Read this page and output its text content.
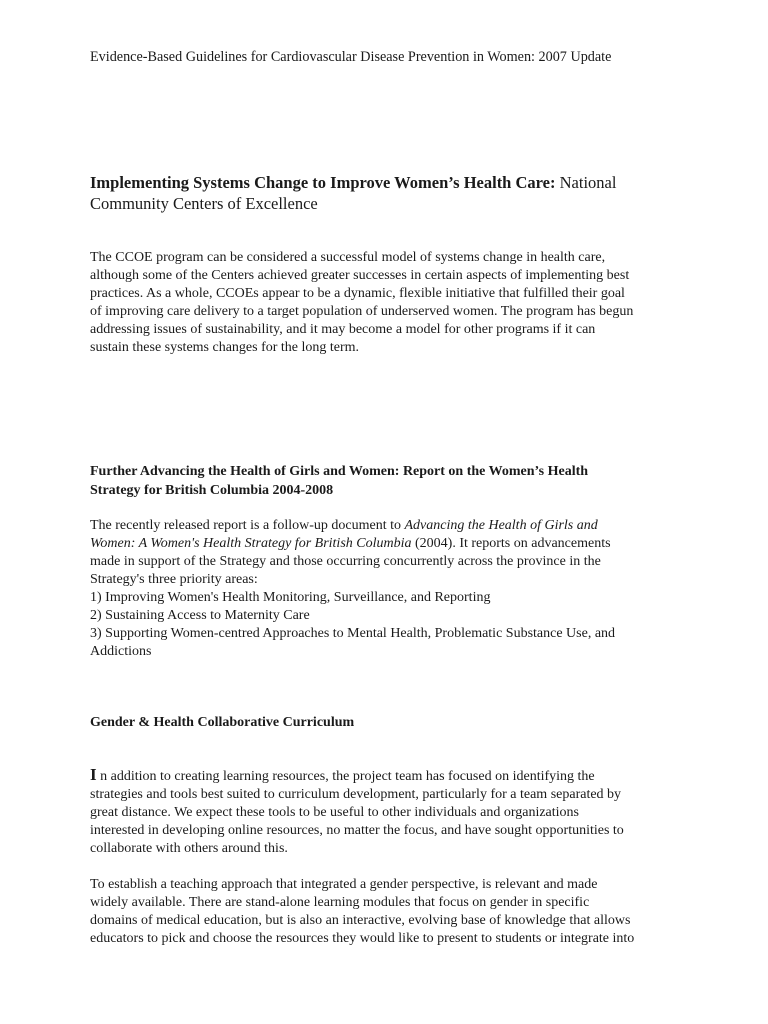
Evidence-Based Guidelines for Cardiovascular Disease Prevention in Women: 2007 Update
Implementing Systems Change to Improve Women’s Health Care: National
Community Centers of Excellence
The CCOE program can be considered a successful model of systems change in health care,
although some of the Centers achieved greater successes in certain aspects of implementing best
practices. As a whole, CCOEs appear to be a dynamic, flexible initiative that fulfilled their goal
of improving care delivery to a target population of underserved women. The program has begun
addressing issues of sustainability, and it may become a model for other programs if it can
sustain these systems changes for the long term.
Further Advancing the Health of Girls and Women: Report on the Women’s Health
Strategy for British Columbia 2004-2008
The recently released report is a follow-up document to Advancing the Health of Girls and
Women: A Women's Health Strategy for British Columbia (2004). It reports on advancements
made in support of the Strategy and those occurring concurrently across the province in the
Strategy's three priority areas:
1) Improving Women's Health Monitoring, Surveillance, and Reporting
2) Sustaining Access to Maternity Care
3) Supporting Women-centred Approaches to Mental Health, Problematic Substance Use, and
Addictions
Gender & Health Collaborative Curriculum
I n addition to creating learning resources, the project team has focused on identifying the
strategies and tools best suited to curriculum development, particularly for a team separated by
great distance. We expect these tools to be useful to other individuals and organizations
interested in developing online resources, no matter the focus, and have sought opportunities to
collaborate with others around this.
To establish a teaching approach that integrated a gender perspective, is relevant and made
widely available. There are stand-alone learning modules that focus on gender in specific
domains of medical education, but is also an interactive, evolving base of knowledge that allows
educators to pick and choose the resources they would like to present to students or integrate into
